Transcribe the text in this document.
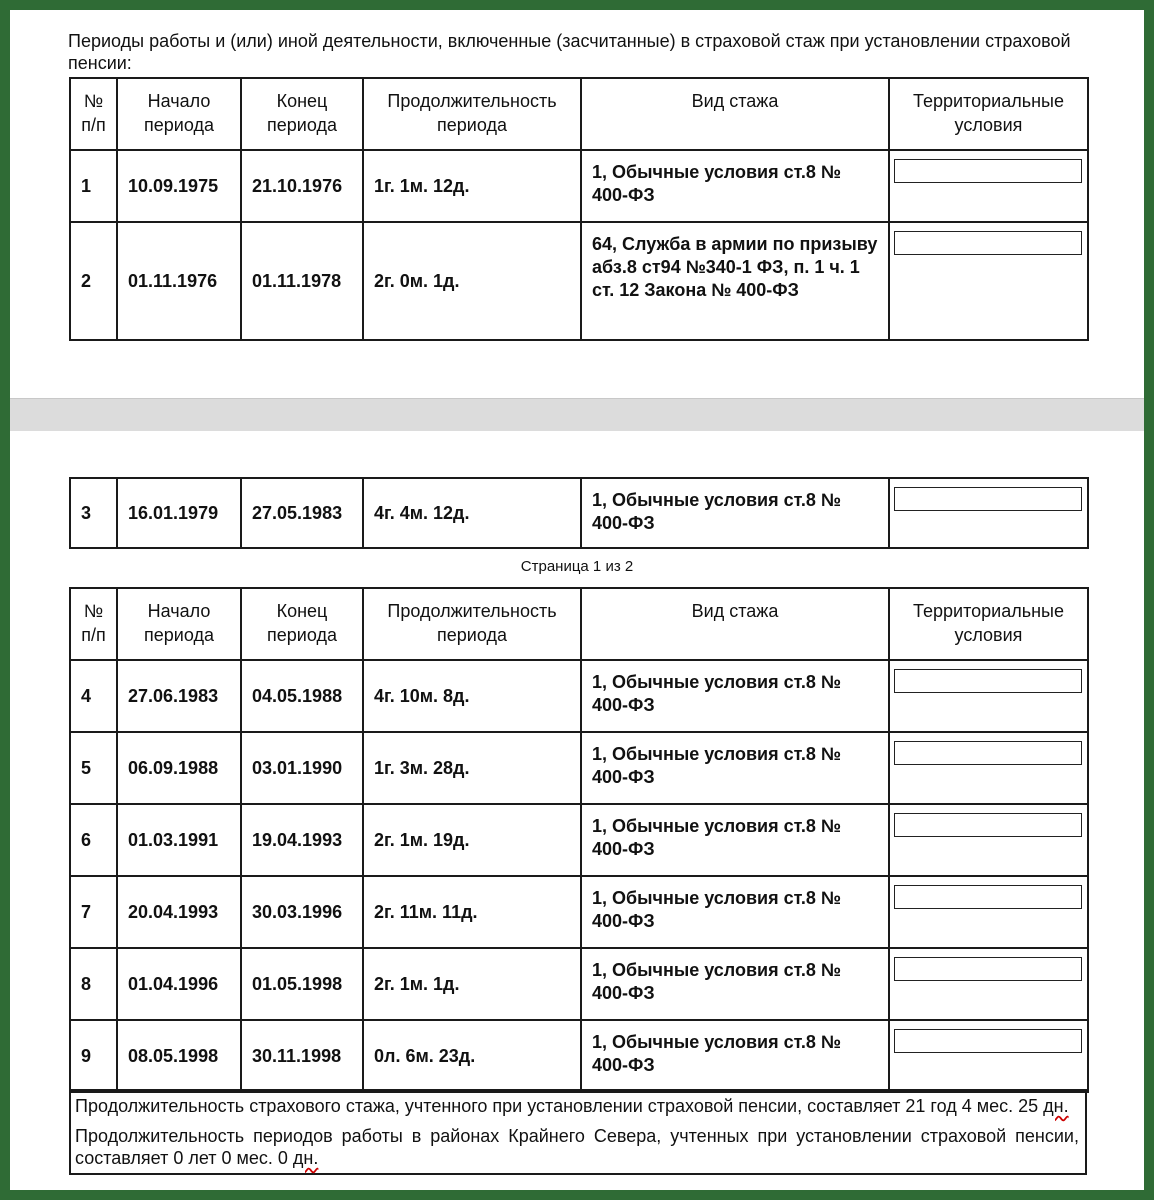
Периоды работы и (или) иной деятельности, включенные (засчитанные) в страховой стаж при установлении страховой пенсии:
№ п/п	Начало периода	Конец периода	Продолжительность периода	Вид стажа	Территориальные условия
1	10.09.1975	21.10.1976	1г. 1м. 12д.	1, Обычные условия ст.8 № 400-ФЗ	

2	01.11.1976	01.11.1978	2г. 0м. 1д.	64, Служба в армии по призыву абз.8 ст94 №340-1 ФЗ, п. 1 ч. 1 ст. 12 Закона № 400-ФЗ	
3	16.01.1979	27.05.1983	4г. 4м. 12д.	1, Обычные условия ст.8 № 400-ФЗ	
Страница 1 из 2
№ п/п	Начало периода	Конец периода	Продолжительность периода	Вид стажа	Территориальные условия
4	27.06.1983	04.05.1988	4г. 10м. 8д.	1, Обычные условия ст.8 № 400-ФЗ	

5	06.09.1988	03.01.1990	1г. 3м. 28д.	1, Обычные условия ст.8 № 400-ФЗ	

6	01.03.1991	19.04.1993	2г. 1м. 19д.	1, Обычные условия ст.8 № 400-ФЗ	

7	20.04.1993	30.03.1996	2г. 11м. 11д.	1, Обычные условия ст.8 № 400-ФЗ	

8	01.04.1996	01.05.1998	2г. 1м. 1д.	1, Обычные условия ст.8 № 400-ФЗ	

9	08.05.1998	30.11.1998	0л. 6м. 23д.	1, Обычные условия ст.8 № 400-ФЗ	

Продолжительность страхового стажа, учтенного при установлении страховой пенсии, составляет 21 год 4 мес. 25 дн.

Продолжительность периодов работы в районах Крайнего Севера, учтенных при установлении страховой пенсии, составляет 0 лет 0 мес. 0 дн.
